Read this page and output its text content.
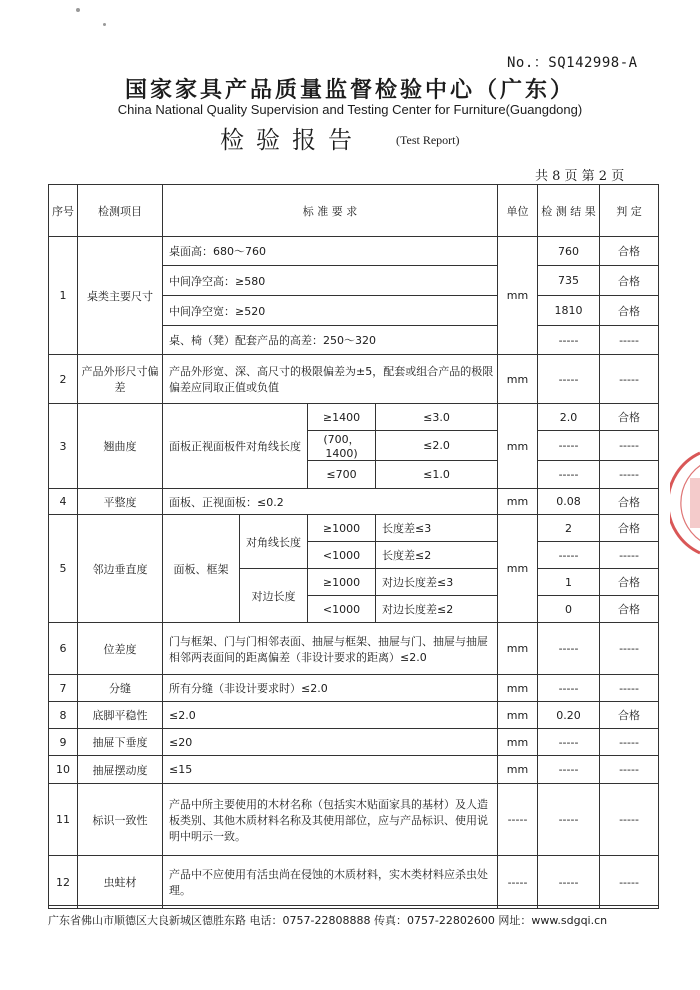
No.：SQ142998-A
国家家具产品质量监督检验中心（广东）
China National Quality Supervision and Testing Center for Furniture(Guangdong)
检验报告	(Test Report)
共 8 页 第 2 页
序号	检测项目	标 准 要 求				单位	检 测 结 果	判 定
1	桌类主要尺寸	桌面高：680～760				mm	760	合格
		中间净空高：≥580					735	合格
		中间净空宽：≥520					1810	合格
		桌、椅（凳）配套产品的高差：250～320					-----	-----
2	产品外形尺寸偏差	产品外形宽、深、高尺寸的极限偏差为±5，配套或组合产品的极限偏差应同取正值或负值				mm	-----	-----
3	翘曲度	面板正视面板件对角线长度		≥1400	≤3.0	mm	2.0	合格
				(700，1400)	≤2.0		-----	-----
				≤700	≤1.0		-----	-----
4	平整度	面板、正视面板：≤0.2				mm	0.08	合格
5	邻边垂直度	面板、框架	对角线长度	≥1000	长度差≤3	mm	2	合格
				<1000	长度差≤2		-----	-----
			对边长度	≥1000	对边长度差≤3		1	合格
				<1000	对边长度差≤2		0	合格
6	位差度	门与框架、门与门相邻表面、抽屉与框架、抽屉与门、抽屉与抽屉相邻两表面间的距离偏差（非设计要求的距离）≤2.0				mm	-----	-----
7	分缝	所有分缝（非设计要求时）≤2.0				mm	-----	-----
8	底脚平稳性	≤2.0				mm	0.20	合格
9	抽屉下垂度	≤20				mm	-----	-----
10	抽屉摆动度	≤15				mm	-----	-----
11	标识一致性	产品中所主要使用的木材名称（包括实木贴面家具的基材）及人造板类别、其他木质材料名称及其使用部位，应与产品标识、使用说明中明示一致。				-----	-----	-----
12	虫蛀材	产品中不应使用有活虫尚在侵蚀的木质材料，实木类材料应杀虫处理。				-----	-----	-----
广东省佛山市顺德区大良新城区德胜东路 电话：0757-22808888 传真：0757-22802600 网址：www.sdgqi.cn
